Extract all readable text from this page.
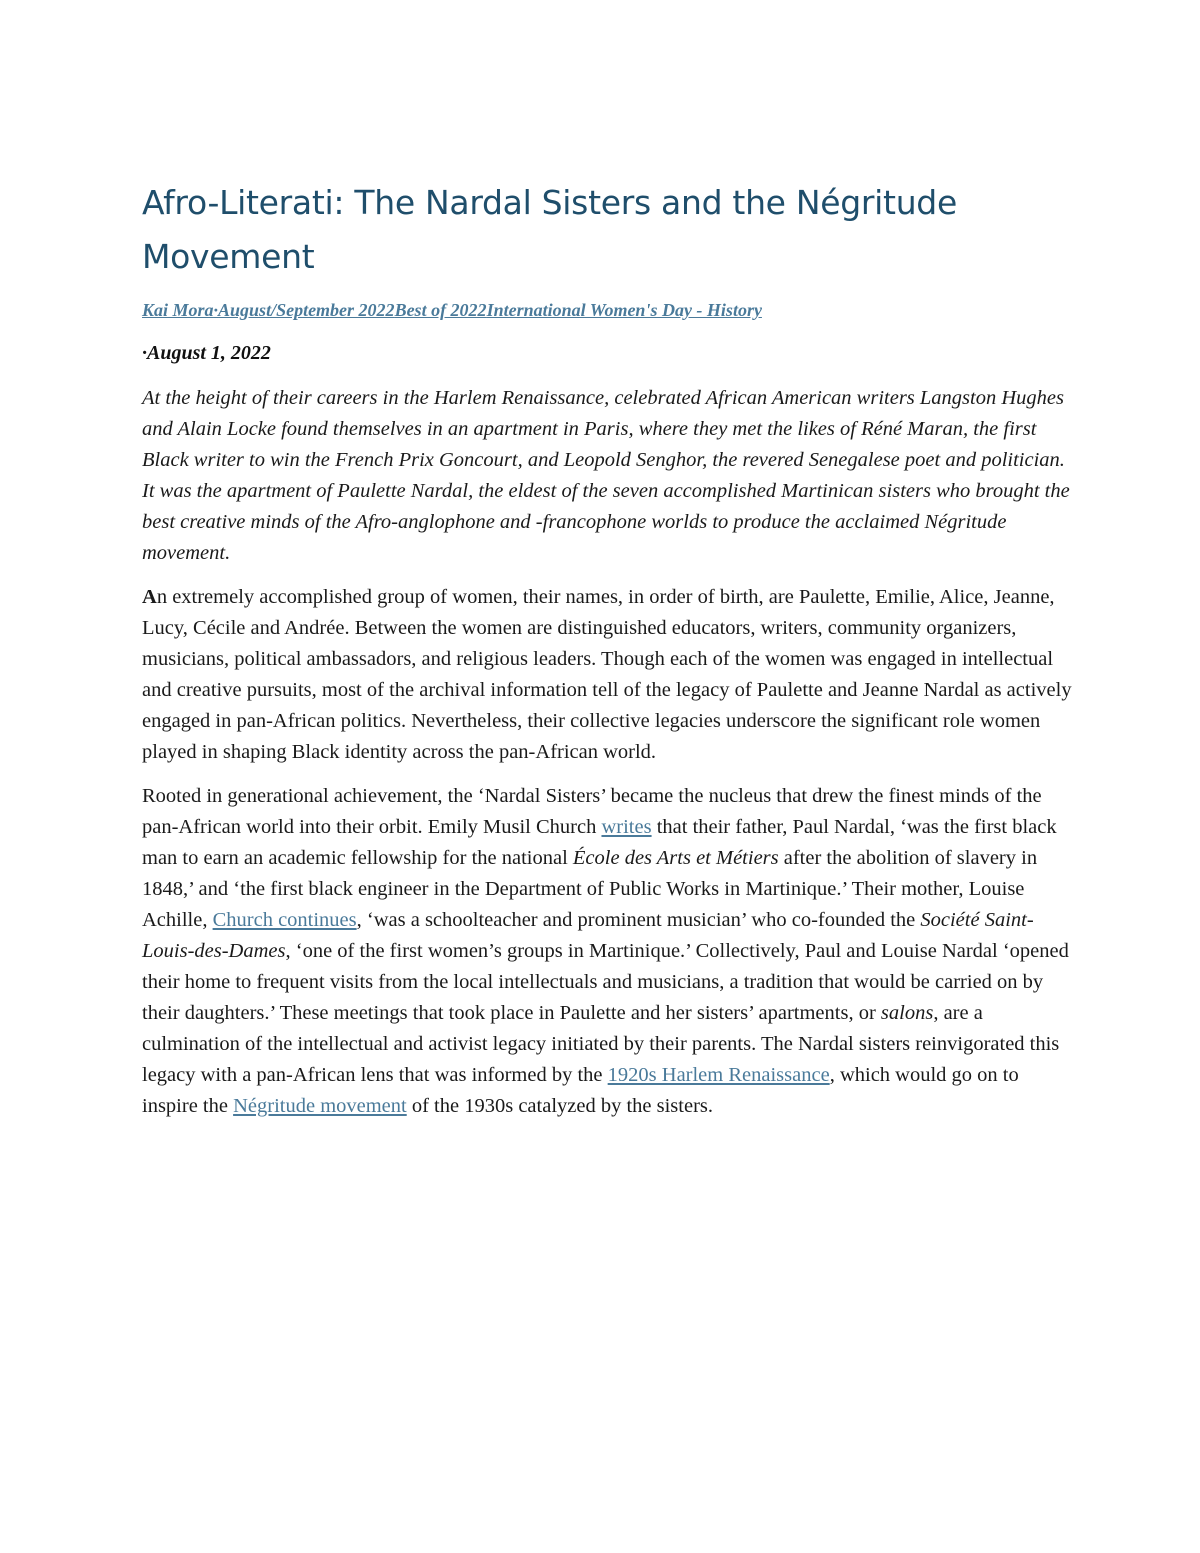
Afro-Literati: The Nardal Sisters and the Négritude Movement
Kai Mora·August/September 2022Best of 2022International Women's Day - History
·August 1, 2022

At the height of their careers in the Harlem Renaissance, celebrated African American writers Langston Hughes and Alain Locke found themselves in an apartment in Paris, where they met the likes of Réné Maran, the first Black writer to win the French Prix Goncourt, and Leopold Senghor, the revered Senegalese poet and politician. It was the apartment of Paulette Nardal, the eldest of the seven accomplished Martinican sisters who brought the best creative minds of the Afro-anglophone and -francophone worlds to produce the acclaimed Négritude movement.

An extremely accomplished group of women, their names, in order of birth, are Paulette, Emilie, Alice, Jeanne, Lucy, Cécile and Andrée. Between the women are distinguished educators, writers, community organizers, musicians, political ambassadors, and religious leaders. Though each of the women was engaged in intellectual and creative pursuits, most of the archival information tell of the legacy of Paulette and Jeanne Nardal as actively engaged in pan-African politics. Nevertheless, their collective legacies underscore the significant role women played in shaping Black identity across the pan-African world.

Rooted in generational achievement, the ‘Nardal Sisters’ became the nucleus that drew the finest minds of the pan-African world into their orbit. Emily Musil Church writes that their father, Paul Nardal, ‘was the first black man to earn an academic fellowship for the national École des Arts et Métiers after the abolition of slavery in 1848,’ and ‘the first black engineer in the Department of Public Works in Martinique.’ Their mother, Louise Achille, Church continues, ‘was a schoolteacher and prominent musician’ who co-founded the Société Saint-Louis-des-Dames, ‘one of the first women’s groups in Martinique.’ Collectively, Paul and Louise Nardal ‘opened their home to frequent visits from the local intellectuals and musicians, a tradition that would be carried on by their daughters.’ These meetings that took place in Paulette and her sisters’ apartments, or salons, are a culmination of the intellectual and activist legacy initiated by their parents. The Nardal sisters reinvigorated this legacy with a pan-African lens that was informed by the 1920s Harlem Renaissance, which would go on to inspire the Négritude movement of the 1930s catalyzed by the sisters.
